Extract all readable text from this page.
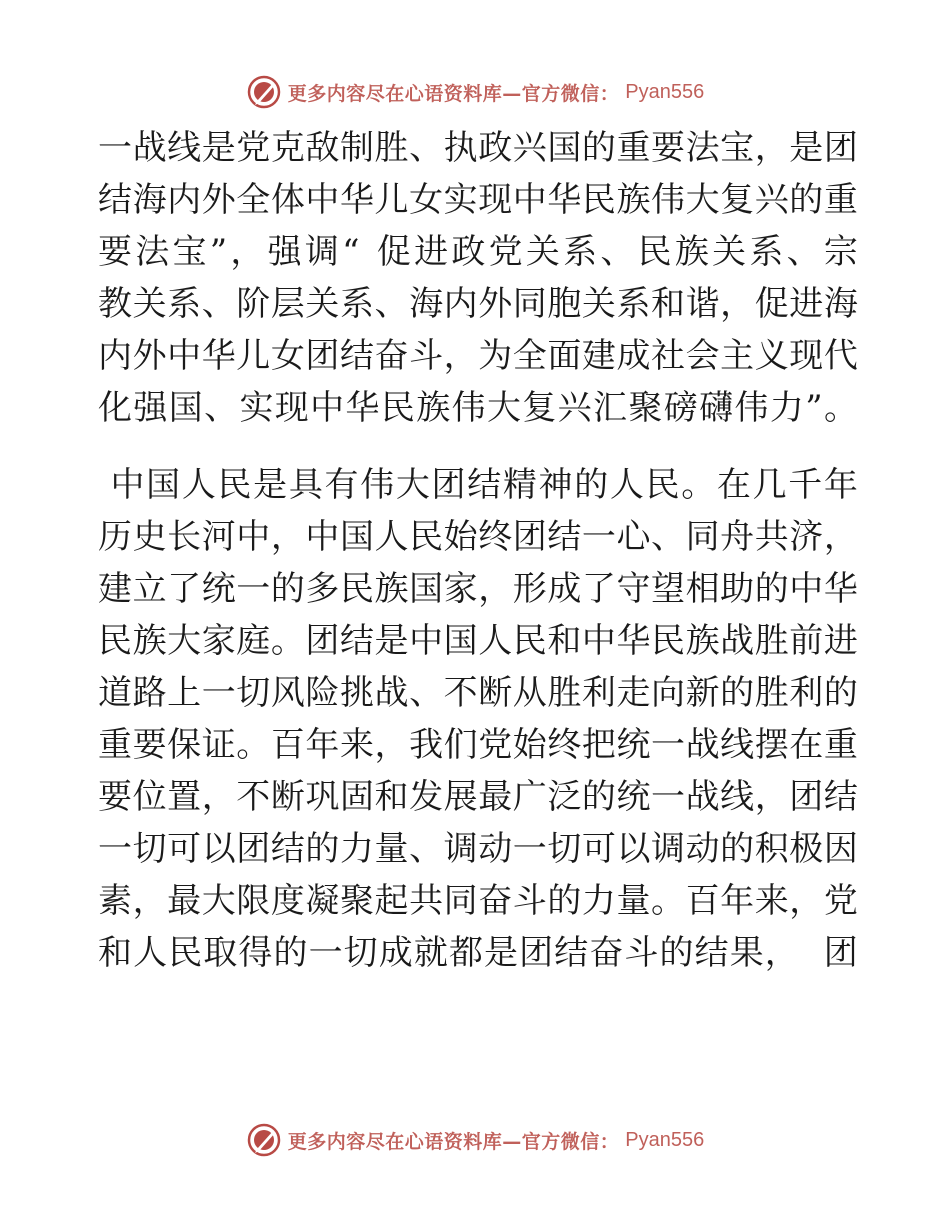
更多内容尽在心语资料库—官方微信： Pyan556
一 战 线 是 党 克 敌 制 胜 、 执 政 兴 国 的 重 要 法 宝 ， 是 团
结 海 内 外 全 体 中 华 儿 女 实 现 中 华 民 族 伟 大 复 兴 的 重
要 法 宝 ” ， 强 调 “
促 进 政 党 关 系 、 民 族 关 系 、 宗
教 关 系 、 阶 层 关 系 、 海 内 外 同 胞 关 系 和 谐 ， 促 进 海
内 外 中 华 儿 女 团 结 奋 斗 ， 为 全 面 建 成 社 会 主 义 现 代
化 强 国 、 实 现 中 华 民 族 伟 大 复 兴 汇 聚 磅 礴 伟 力 ” 。

中 国 人 民 是 具 有 伟 大 团 结 精 神 的 人 民 。 在 几 千 年
历 史 长 河 中 ， 中 国 人 民 始 终 团 结 一 心 、 同 舟 共 济 ，
建 立 了 统 一 的 多 民 族 国 家 ， 形 成 了 守 望 相 助 的 中 华
民 族 大 家 庭 。 团 结 是 中 国 人 民 和 中 华 民 族 战 胜 前 进
道 路 上 一 切 风 险 挑 战 、 不 断 从 胜 利 走 向 新 的 胜 利 的
重 要 保 证 。 百 年 来 ， 我 们 党 始 终 把 统 一 战 线 摆 在 重
要 位 置 ， 不 断 巩 固 和 发 展 最 广 泛 的 统 一 战 线 ， 团 结
一 切 可 以 团 结 的 力 量 、 调 动 一 切 可 以 调 动 的 积 极 因
素 ， 最 大 限 度 凝 聚 起 共 同 奋 斗 的 力 量 。 百 年 来 ， 党
和 人 民 取 得 的 一 切 成 就 都 是 团 结 奋 斗 的 结 果 ，

团
更多内容尽在心语资料库—官方微信： Pyan556
